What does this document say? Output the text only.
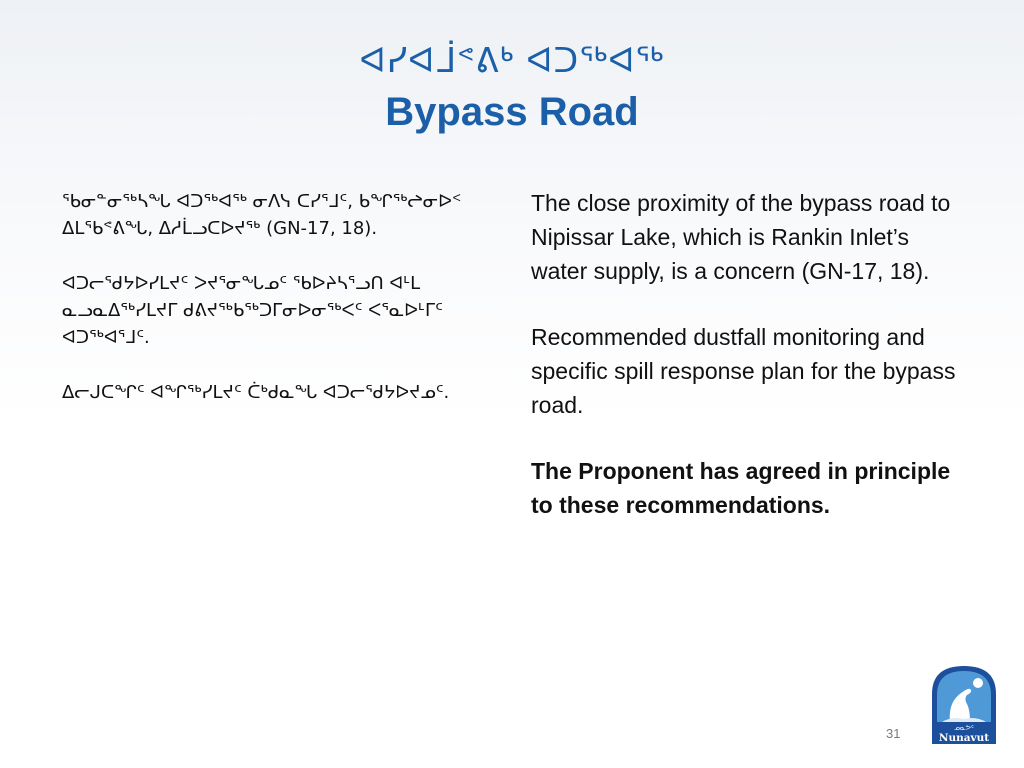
ᐊᓯᐊᒨᕝᕕᒃ ᐊᑐᖅᐊᖅ
Bypass Road

ᖃᓂᓐᓂᖅᓴᖓ ᐊᑐᖅᐊᖅ ᓂᐱᓭ ᑕᓯᕐᒧᑦ, ᑲᖏᖅᖠᓂᐅᑉ ᐃᒪᖃᕝᕕᖓ, ᐃᓱᒫᓗᑕᐅᔪᖅ (GN-17, 18).

ᐊᑐᓕᖁᔭᐅᓯᒪᔪᑦ ᐳᔪᕐᓂᖓᓄᑦ ᖃᐅᔨᓴᕐᓗᑎ ᐊᒻᒪ ᓇᓗᓇᐃᖅᓯᒪᔪᒥ ᑯᕕᔪᖅᑲᖅᑐᒥᓂᐅᓂᖅᐸᑦ ᐸᕐᓇᐅᒻᒥᑦ ᐊᑐᖅᐊᕐᒧᑦ.

ᐃᓕᒍᑕᖏᑦ ᐊᖏᖅᓯᒪᔪᑦ ᑖᒃᑯᓇᖓ ᐊᑐᓕᖁᔭᐅᔪᓄᑦ.

The close proximity of the bypass road to Nipissar Lake, which is Rankin Inlet’s water supply, is a concern (GN-17, 18).

Recommended dustfall monitoring and specific spill response plan for the bypass road.

The Proponent has agreed in principle to these recommendations.

31	ᓄᓇᕗᑦ
Nunavut
